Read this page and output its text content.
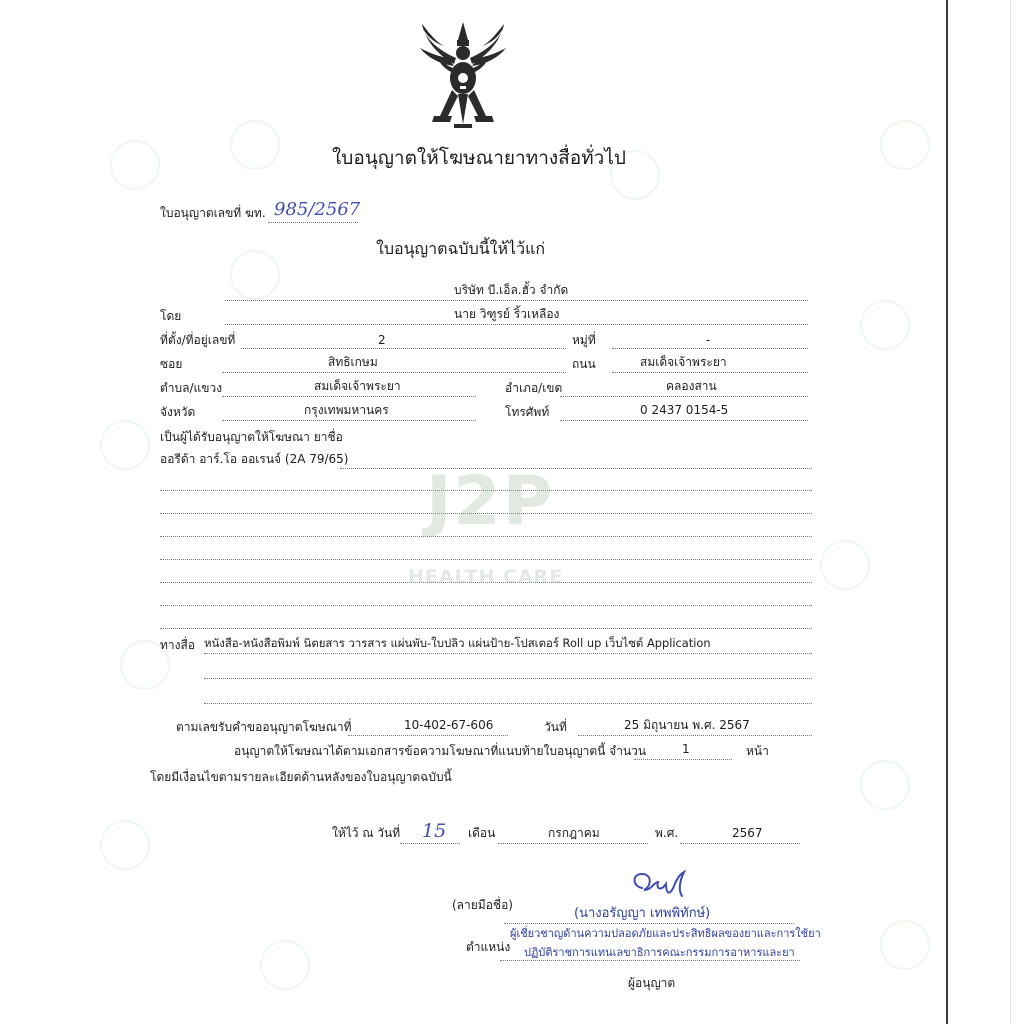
ใบอนุญาตให้โฆษณายาทางสื่อทั่วไป
ใบอนุญาตเลขที่ ฆท. 985/2567
ใบอนุญาตฉบับนี้ให้ไว้แก่
บริษัท บี.เอ็ล.ฮั้ว จำกัด
โดย	นาย วิฑูรย์ ริ้วเหลือง
ที่ตั้ง/ที่อยู่เลขที่	2	หมู่ที่	-
ซอย	สิทธิเกษม	ถนน	สมเด็จเจ้าพระยา
ตำบล/แขวง	สมเด็จเจ้าพระยา	อำเภอ/เขต	คลองสาน
จังหวัด	กรุงเทพมหานคร	โทรศัพท์	0 2437 0154-5
เป็นผู้ได้รับอนุญาตให้โฆษณา ยาชื่อ
ออรีด้า อาร์.โอ ออเรนจ์ (2A 79/65)
J2P
HEALTH CARE
ทางสื่อ หนังสือ-หนังสือพิมพ์ นิตยสาร วารสาร แผ่นพับ-ใบปลิว แผ่นป้าย-โปสเตอร์ Roll up เว็บไซต์ Application
ตามเลขรับคำขออนุญาตโฆษณาที่	10-402-67-606	วันที่	25 มิถุนายน พ.ศ. 2567
อนุญาตให้โฆษณาได้ตามเอกสารข้อความโฆษณาที่แนบท้ายใบอนุญาตนี้ จำนวน	1	หน้า
โดยมีเงื่อนไขตามรายละเอียดด้านหลังของใบอนุญาตฉบับนี้
ให้ไว้ ณ วันที่ 15 เดือน	กรกฎาคม	พ.ศ.	2567
(ลายมือชื่อ)
(นางอรัญญา เทพพิทักษ์)
ตำแหน่ง
ผู้เชี่ยวชาญด้านความปลอดภัยและประสิทธิผลของยาและการใช้ยา
ปฏิบัติราชการแทนเลขาธิการคณะกรรมการอาหารและยา
ผู้อนุญาต
